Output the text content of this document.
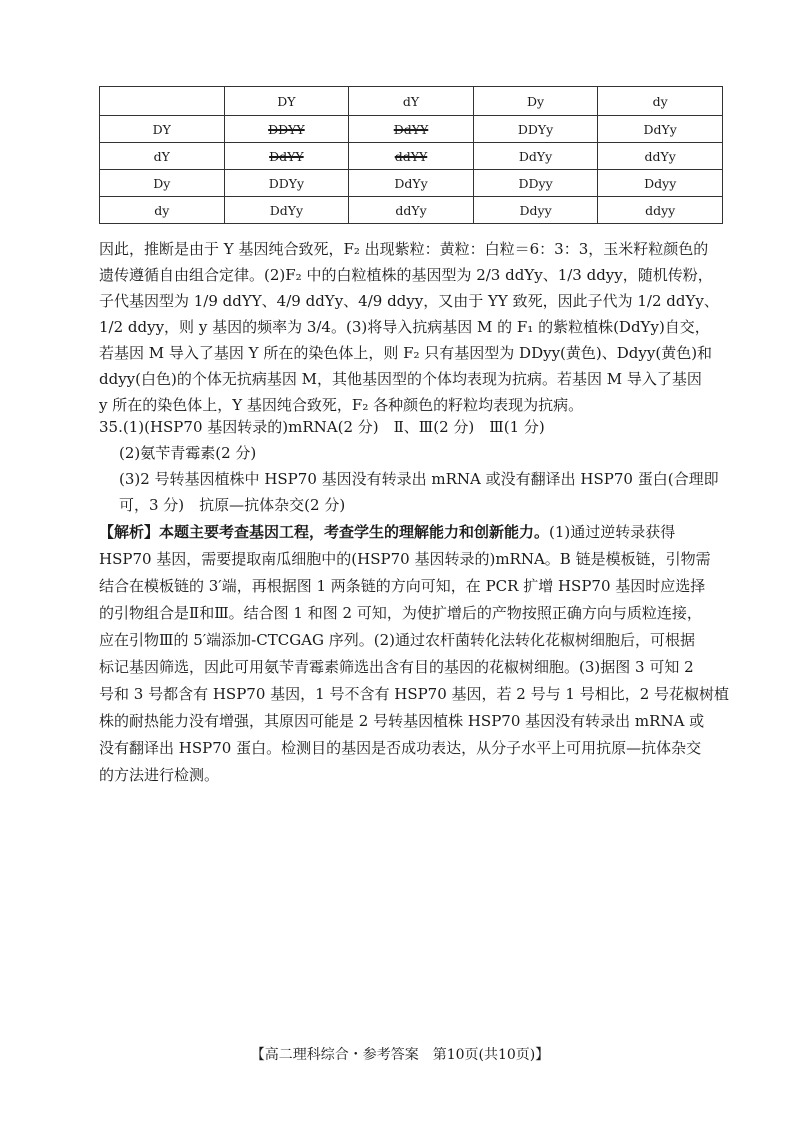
	DY	dY	Dy	dy
DY	DDYY	DdYY	DDYy	DdYy
dY	DdYY	ddYY	DdYy	ddYy
Dy	DDYy	DdYy	DDyy	Ddyy
dy	DdYy	ddYy	Ddyy	ddyy
因此，推断是由于 Y 基因纯合致死，F₂ 出现紫粒：黄粒：白粒＝6：3：3，玉米籽粒颜色的
遗传遵循自由组合定律。(2)F₂ 中的白粒植株的基因型为 2/3 ddYy、1/3 ddyy，随机传粉，
子代基因型为 1/9 ddYY、4/9 ddYy、4/9 ddyy，又由于 YY 致死，因此子代为 1/2 ddYy、
1/2 ddyy，则 y 基因的频率为 3/4。(3)将导入抗病基因 M 的 F₁ 的紫粒植株(DdYy)自交，
若基因 M 导入了基因 Y 所在的染色体上，则 F₂ 只有基因型为 DDyy(黄色)、Ddyy(黄色)和
ddyy(白色)的个体无抗病基因 M，其他基因型的个体均表现为抗病。若基因 M 导入了基因
y 所在的染色体上，Y 基因纯合致死，F₂ 各种颜色的籽粒均表现为抗病。
35.(1)(HSP70 基因转录的)mRNA(2 分)　Ⅱ、Ⅲ(2 分)　Ⅲ(1 分)
(2)氨苄青霉素(2 分)
(3)2 号转基因植株中 HSP70 基因没有转录出 mRNA 或没有翻译出 HSP70 蛋白(合理即
可，3 分)　抗原—抗体杂交(2 分)
【解析】本题主要考查基因工程，考查学生的理解能力和创新能力。(1)通过逆转录获得
HSP70 基因，需要提取南瓜细胞中的(HSP70 基因转录的)mRNA。B 链是模板链，引物需
结合在模板链的 3′端，再根据图 1 两条链的方向可知，在 PCR 扩增 HSP70 基因时应选择
的引物组合是Ⅱ和Ⅲ。结合图 1 和图 2 可知，为使扩增后的产物按照正确方向与质粒连接，
应在引物Ⅲ的 5′端添加-CTCGAG 序列。(2)通过农杆菌转化法转化花椒树细胞后，可根据
标记基因筛选，因此可用氨苄青霉素筛选出含有目的基因的花椒树细胞。(3)据图 3 可知 2
号和 3 号都含有 HSP70 基因，1 号不含有 HSP70 基因，若 2 号与 1 号相比，2 号花椒树植
株的耐热能力没有增强，其原因可能是 2 号转基因植株 HSP70 基因没有转录出 mRNA 或
没有翻译出 HSP70 蛋白。检测目的基因是否成功表达，从分子水平上可用抗原—抗体杂交
的方法进行检测。
【高二理科综合・参考答案　第10页(共10页)】
